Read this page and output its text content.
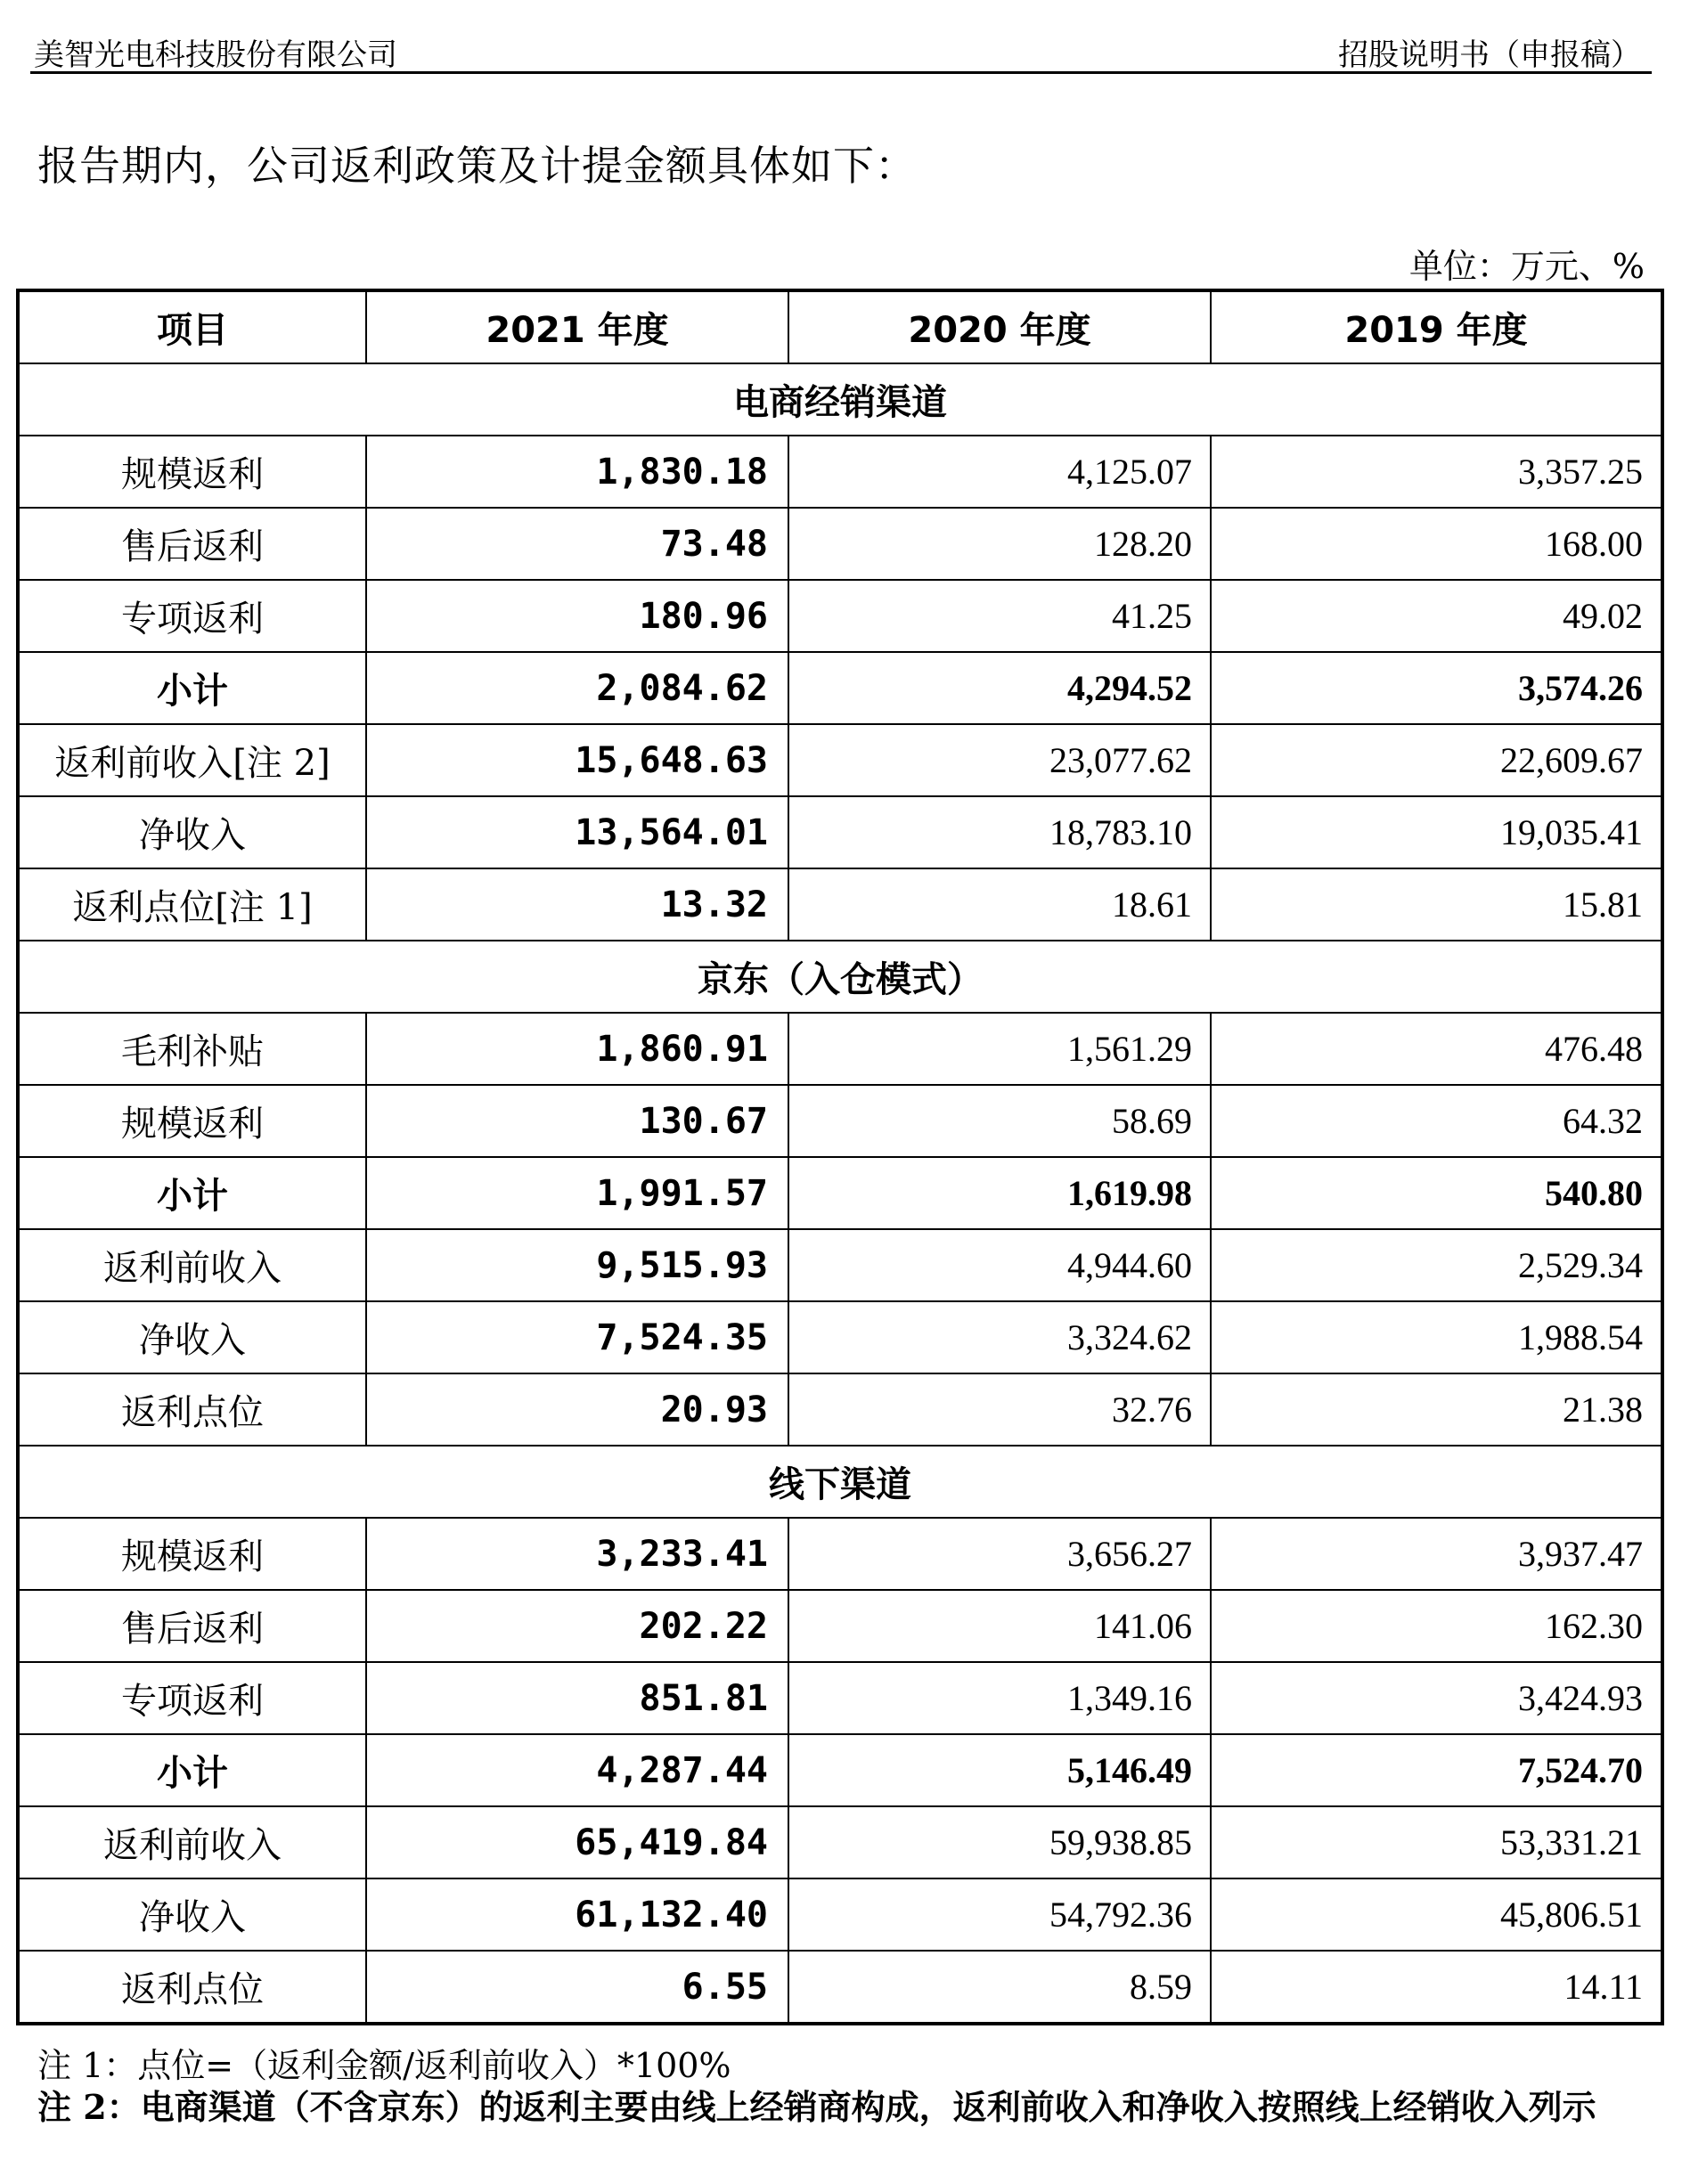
美智光电科技股份有限公司	招股说明书（申报稿）
报告期内，公司返利政策及计提金额具体如下：
单位：万元、%
项目	2021 年度	2020 年度	2019 年度
电商经销渠道			
规模返利	1,830.18	4,125.07	3,357.25
售后返利	73.48	128.20	168.00
专项返利	180.96	41.25	49.02
小计	2,084.62	4,294.52	3,574.26
返利前收入[注 2]	15,648.63	23,077.62	22,609.67
净收入	13,564.01	18,783.10	19,035.41
返利点位[注 1]	13.32	18.61	15.81
京东（入仓模式）			
毛利补贴	1,860.91	1,561.29	476.48
规模返利	130.67	58.69	64.32
小计	1,991.57	1,619.98	540.80
返利前收入	9,515.93	4,944.60	2,529.34
净收入	7,524.35	3,324.62	1,988.54
返利点位	20.93	32.76	21.38
线下渠道			
规模返利	3,233.41	3,656.27	3,937.47
售后返利	202.22	141.06	162.30
专项返利	851.81	1,349.16	3,424.93
小计	4,287.44	5,146.49	7,524.70
返利前收入	65,419.84	59,938.85	53,331.21
净收入	61,132.40	54,792.36	45,806.51
返利点位	6.55	8.59	14.11
注 1：点位=（返利金额/返利前收入）*100%
注 2：电商渠道（不含京东）的返利主要由线上经销商构成，返利前收入和净收入按照线上经销收入列示
